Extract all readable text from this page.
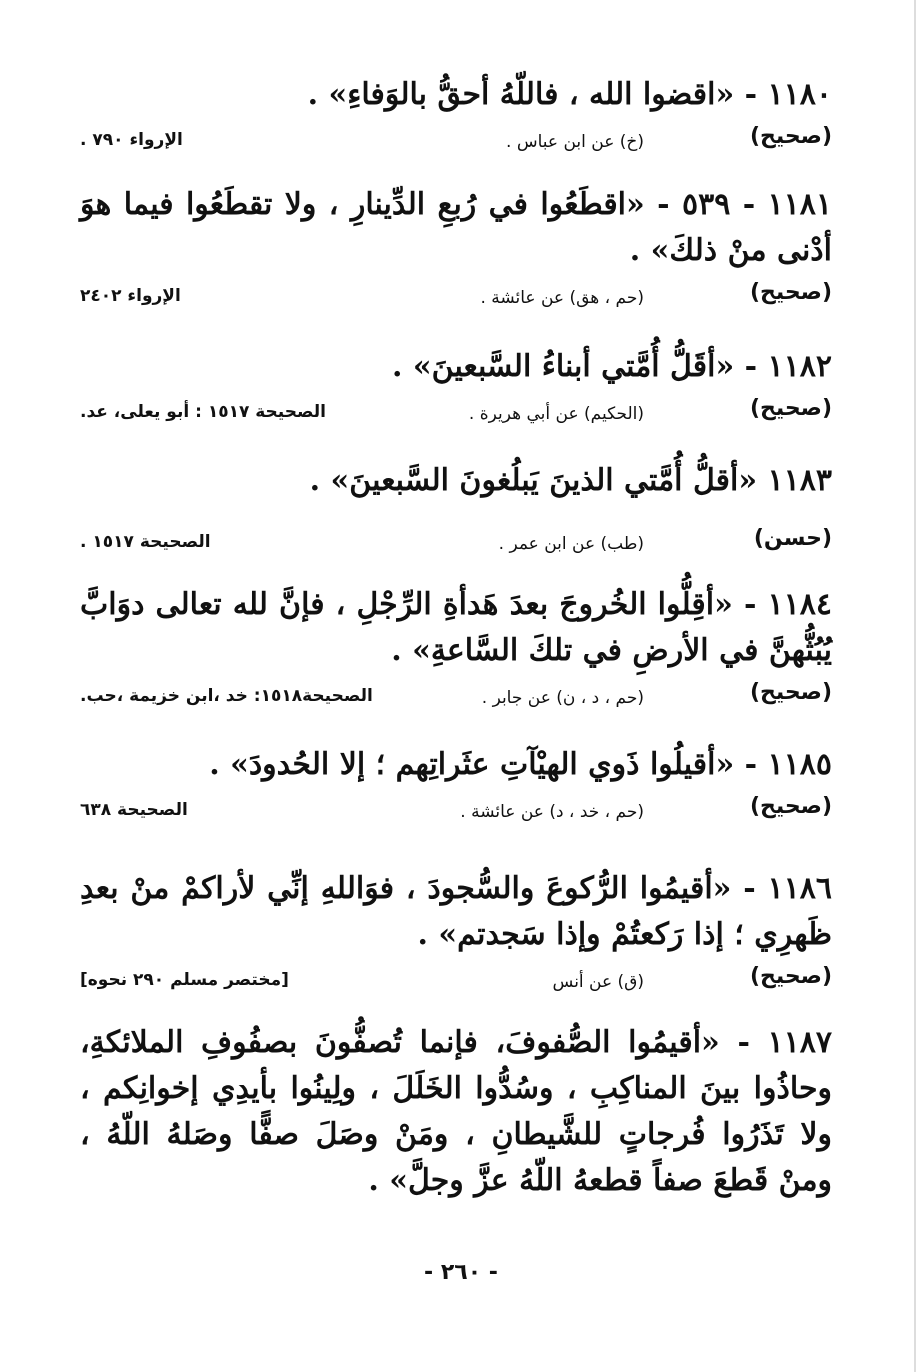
١١٨٠ - «اقضوا الله ، فاللّهُ أحقُّ بالوَفاءِ» .

(صحيح)
(خ) عن ابن عباس .
الإرواء ٧٩٠ .

١١٨١ - ٥٣٩ - «اقطَعُوا في رُبعِ الدِّينارِ ، ولا تقطَعُوا فيما هوَ أدْنى منْ ذلكَ» .

(صحيح)
(حم ، هق) عن عائشة .
الإرواء ٢٤٠٢

١١٨٢ - «أقَلُّ أُمَّتي أبناءُ السَّبعينَ» .

(صحيح)
(الحكيم) عن أبي هريرة .
الصحيحة ١٥١٧ : أبو يعلى، عد.

١١٨٣ «أقلُّ أُمَّتي الذينَ يَبلُغونَ السَّبعينَ» .

(حسن)
(طب) عن ابن عمر .
الصحيحة ١٥١٧ .

١١٨٤ - «أقِلُّوا الخُروجَ بعدَ هَدأةِ الرِّجْلِ ، فإنَّ لله تعالى دوَابَّ يُبُثُّهنَّ في الأرضِ في تلكَ السَّاعةِ» .

(صحيح)
(حم ، د ، ن) عن جابر .
الصحيحة١٥١٨: خد ،ابن خزيمة ،حب.

١١٨٥ - «أقيلُوا ذَوي الهيْآتِ عثَراتِهم ؛ إلا الحُدودَ» .

(صحيح)
(حم ، خد ، د) عن عائشة .
الصحيحة ٦٣٨

١١٨٦ - «أقيمُوا الرُّكوعَ والسُّجودَ ، فوَاللهِ إنِّي لأراكمْ منْ بعدِ ظَهرِي ؛ إذا رَكعتُمْ وإذا سَجدتم» .

(صحيح)
(ق) عن أنس
[مختصر مسلم ٢٩٠ نحوه]

١١٨٧ - «أقيمُوا الصُّفوفَ، فإنما تُصفُّونَ بصفُوفِ الملائكةِ، وحاذُوا بينَ المناكِبِ ، وسُدُّوا الخَلَلَ ، ولِينُوا بأيدِي إخوانِكم ، ولا تَذَرُوا فُرجاتٍ للشَّيطانِ ، ومَنْ وصَلَ صفًّا وصَلهُ اللّهُ ، ومنْ قَطعَ صفاً قطعهُ اللّهُ عزَّ وجلَّ» .

- ٢٦٠ -
